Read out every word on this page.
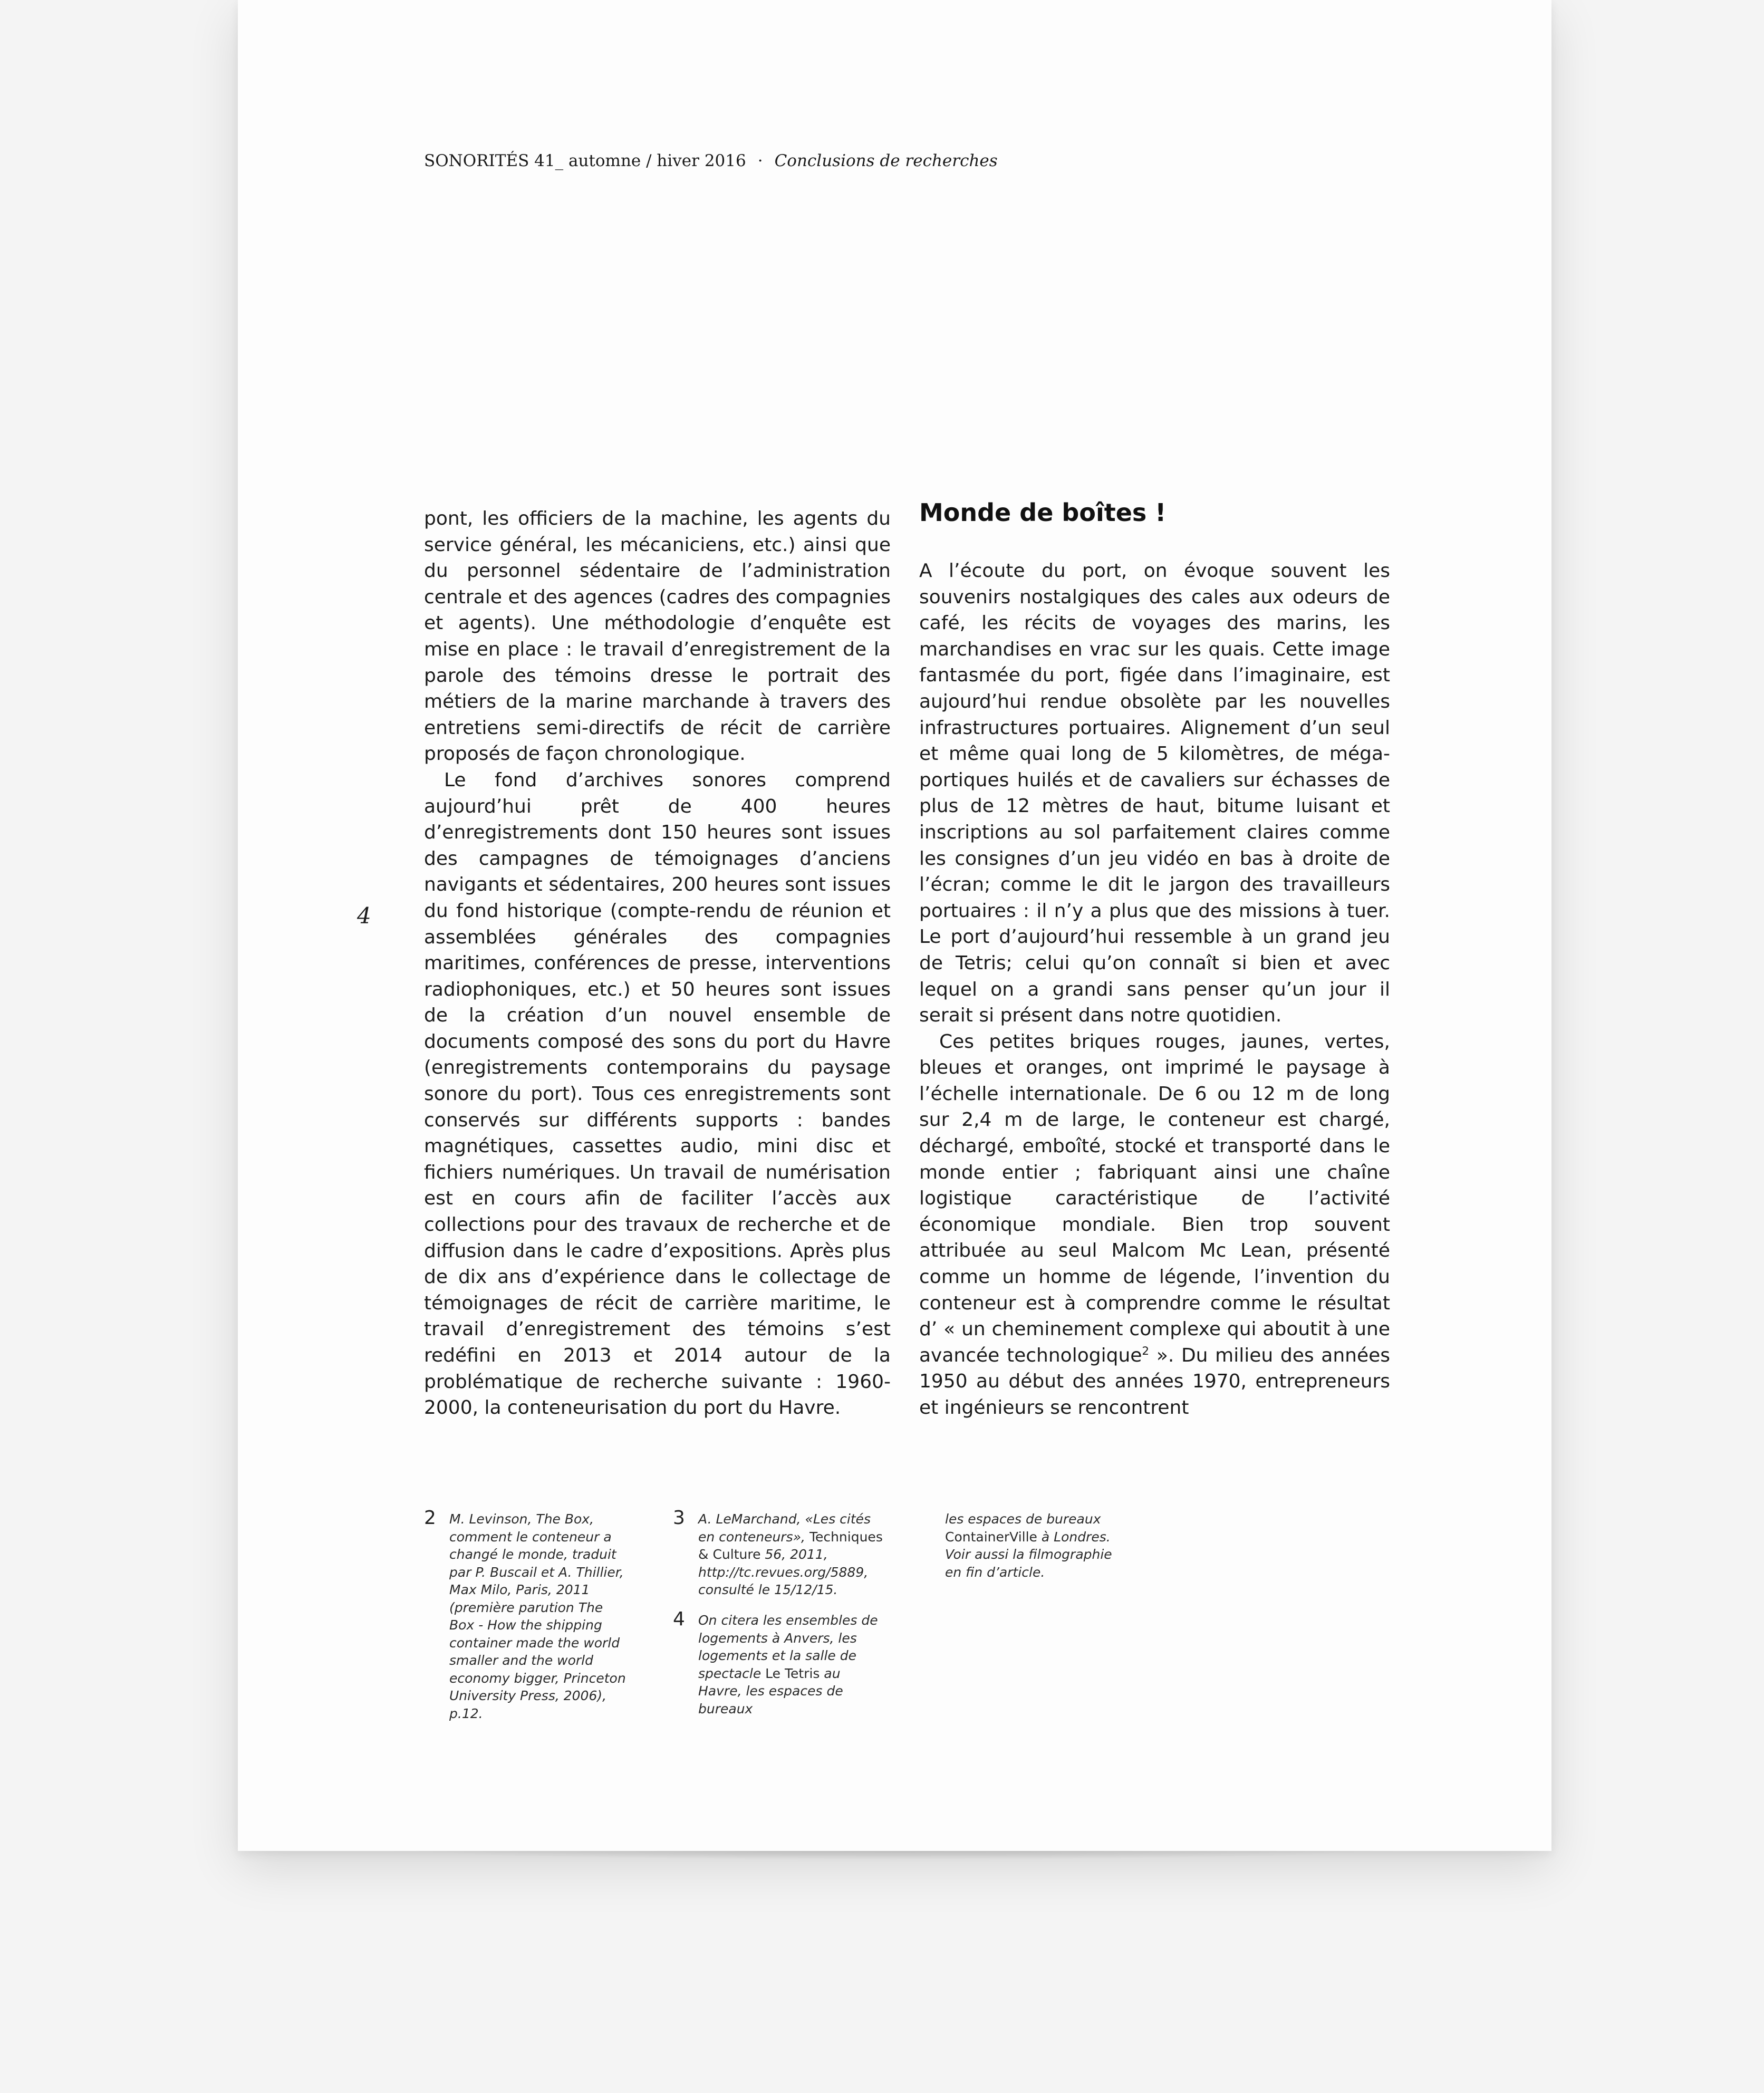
SONORITÉS 41_ automne / hiver 2016 · Conclusions de recherches
4

pont, les officiers de la machine, les agents du service général, les mécaniciens, etc.) ainsi que du personnel sédentaire de l’administration centrale et des agences (cadres des compagnies et agents). Une méthodologie d’enquête est mise en place : le travail d’enregistrement de la parole des témoins dresse le portrait des métiers de la marine marchande à travers des entretiens semi-directifs de récit de carrière proposés de façon chronologique.

Le fond d’archives sonores comprend aujourd’hui prêt de 400 heures d’enregistrements dont 150 heures sont issues des campagnes de témoignages d’anciens navigants et sédentaires, 200 heures sont issues du fond historique (compte-rendu de réunion et assemblées générales des compagnies maritimes, conférences de presse, interventions radiophoniques, etc.) et 50 heures sont issues de la création d’un nouvel ensemble de documents composé des sons du port du Havre (enregistrements contemporains du paysage sonore du port). Tous ces enregistrements sont conservés sur différents supports : bandes magnétiques, cassettes audio, mini disc et fichiers numériques. Un travail de numérisation est en cours afin de faciliter l’accès aux collections pour des travaux de recherche et de diffusion dans le cadre d’expositions. Après plus de dix ans d’expérience dans le collectage de témoignages de récit de carrière maritime, le travail d’enregistrement des témoins s’est redéfini en 2013 et 2014 autour de la problématique de recherche suivante : 1960-2000, la conteneurisation du port du Havre.

Monde de boîtes !

A l’écoute du port, on évoque souvent les souvenirs nostalgiques des cales aux odeurs de café, les récits de voyages des marins, les marchandises en vrac sur les quais. Cette image fantasmée du port, figée dans l’imaginaire, est aujourd’hui rendue obsolète par les nouvelles infrastructures portuaires. Alignement d’un seul et même quai long de 5 kilomètres, de méga-portiques huilés et de cavaliers sur échasses de plus de 12 mètres de haut, bitume luisant et inscriptions au sol parfaitement claires comme les consignes d’un jeu vidéo en bas à droite de l’écran; comme le dit le jargon des travailleurs portuaires : il n’y a plus que des missions à tuer. Le port d’aujourd’hui ressemble à un grand jeu de Tetris; celui qu’on connaît si bien et avec lequel on a grandi sans penser qu’un jour il serait si présent dans notre quotidien.

Ces petites briques rouges, jaunes, vertes, bleues et oranges, ont imprimé le paysage à l’échelle internationale. De 6 ou 12 m de long sur 2,4 m de large, le conteneur est chargé, déchargé, emboîté, stocké et transporté dans le monde entier ; fabriquant ainsi une chaîne logistique caractéristique de l’activité économique mondiale. Bien trop souvent attribuée au seul Malcom Mc Lean, présenté comme un homme de légende, l’invention du conteneur est à comprendre comme le résultat d’ « un cheminement complexe qui aboutit à une avancée technologique$^2$ ». Du milieu des années 1950 au début des années 1970, entrepreneurs et ingénieurs se rencontrent

2 M. Levinson, The Box, comment le conteneur a changé le monde, traduit par P. Buscail et A. Thillier, Max Milo, Paris, 2011 (première parution The Box - How the shipping container made the world smaller and the world economy bigger, Princeton University Press, 2006), p.12.
3 A. LeMarchand, «Les cités en conteneurs», Techniques & Culture 56, 2011, http://tc.revues.org/5889, consulté le 15/12/15.
4 On citera les ensembles de logements à Anvers, les logements et la salle de spectacle Le Tetris au Havre, les espaces de bureaux
les espaces de bureaux ContainerVille à Londres. Voir aussi la filmographie en fin d’article.
